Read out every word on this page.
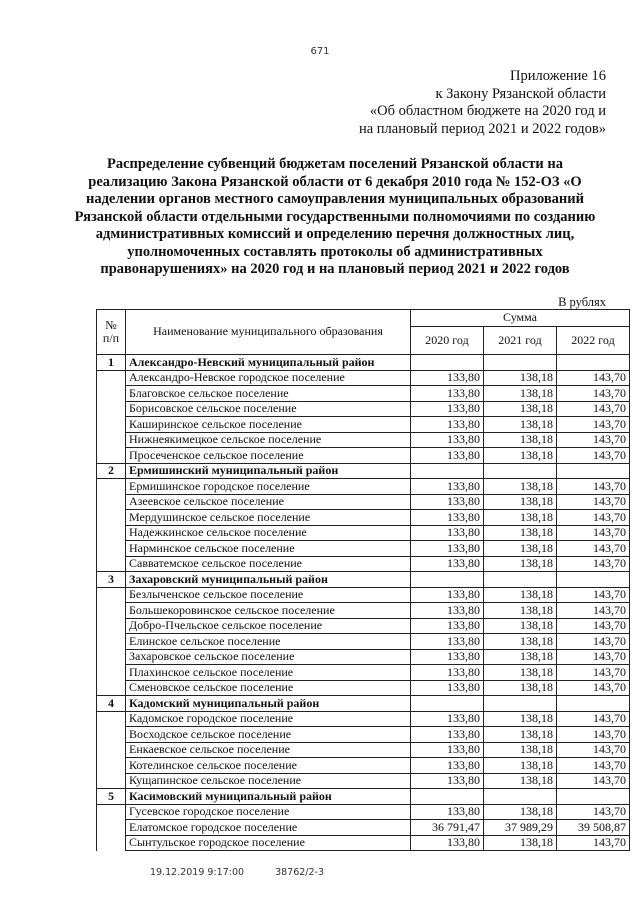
671
Приложение 16
к Закону Рязанской области
«Об областном бюджете на 2020 год и
на плановый период 2021 и 2022 годов»
Распределение субвенций бюджетам поселений Рязанской области на реализацию Закона Рязанской области от 6 декабря 2010 года № 152-ОЗ «О наделении органов местного самоуправления муниципальных образований Рязанской области отдельными государственными полномочиями по созданию административных комиссий и определению перечня должностных лиц, уполномоченных составлять протоколы об административных правонарушениях» на 2020 год и на плановый период 2021 и 2022 годов
В рублях
№ п/п	Наименование муниципального образования	Сумма		
		2020 год	2021 год	2022 год
1	Александро-Невский муниципальный район			
	Александро-Невское городское поселение	133,80	138,18	143,70
	Благовское сельское поселение	133,80	138,18	143,70
	Борисовское сельское поселение	133,80	138,18	143,70
	Каширинское сельское поселение	133,80	138,18	143,70
	Нижнеякимецкое сельское поселение	133,80	138,18	143,70
	Просеченское сельское поселение	133,80	138,18	143,70
2	Ермишинский муниципальный район			
	Ермишинское городское поселение	133,80	138,18	143,70
	Азеевское сельское поселение	133,80	138,18	143,70
	Мердушинское сельское поселение	133,80	138,18	143,70
	Надежкинское сельское поселение	133,80	138,18	143,70
	Нарминское сельское поселение	133,80	138,18	143,70
	Савватемское сельское поселение	133,80	138,18	143,70
3	Захаровский муниципальный район			
	Безлыченское сельское поселение	133,80	138,18	143,70
	Большекоровинское сельское поселение	133,80	138,18	143,70
	Добро-Пчельское сельское поселение	133,80	138,18	143,70
	Елинское сельское поселение	133,80	138,18	143,70
	Захаровское сельское поселение	133,80	138,18	143,70
	Плахинское сельское поселение	133,80	138,18	143,70
	Сменовское сельское поселение	133,80	138,18	143,70
4	Кадомский муниципальный район			
	Кадомское городское поселение	133,80	138,18	143,70
	Восходское сельское поселение	133,80	138,18	143,70
	Енкаевское сельское поселение	133,80	138,18	143,70
	Котелинское сельское поселение	133,80	138,18	143,70
	Кущапинское сельское поселение	133,80	138,18	143,70
5	Касимовский муниципальный район			
	Гусевское городское поселение	133,80	138,18	143,70
	Елатомское городское поселение	36 791,47	37 989,29	39 508,87
	Сынтульское городское поселение	133,80	138,18	143,70
19.12.2019 9:17:00	38762/2-3
